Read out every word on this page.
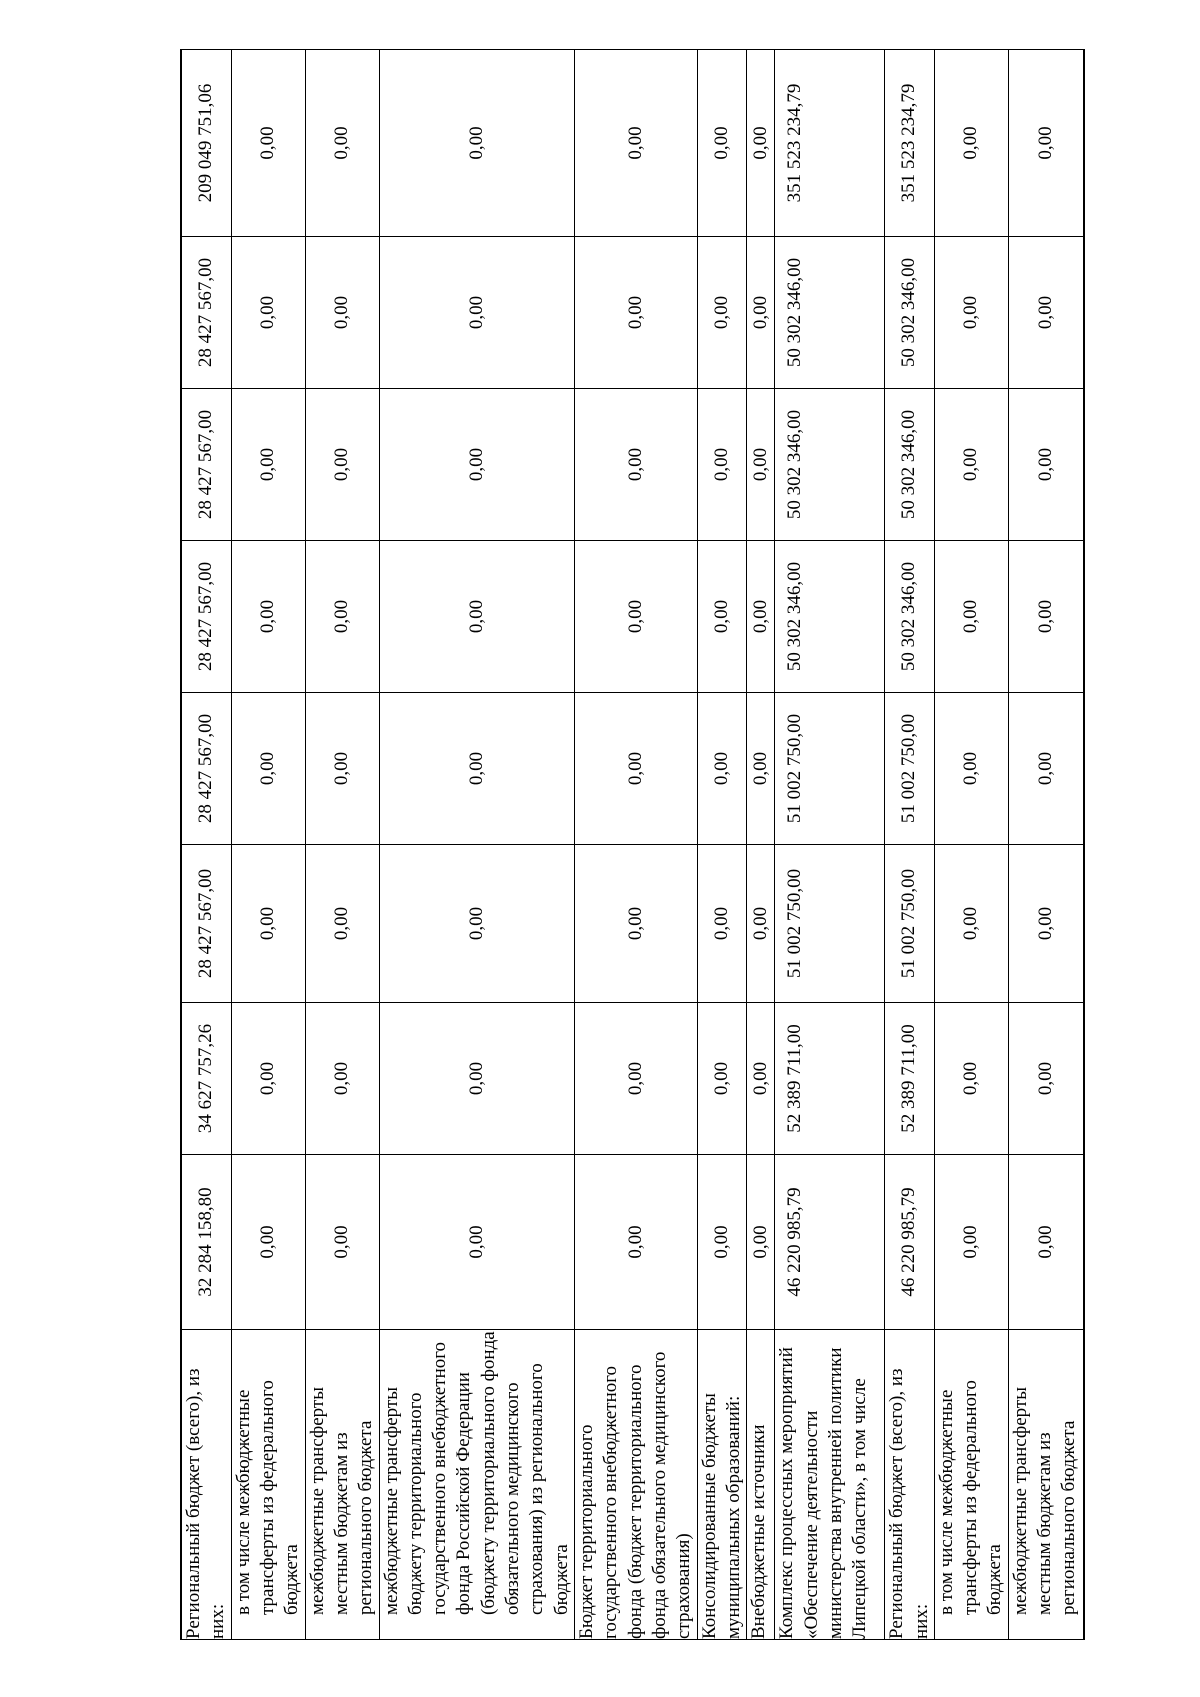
Региональный бюджет (всего), из них:	32 284 158,80	34 627 757,26	28 427 567,00	28 427 567,00	28 427 567,00	28 427 567,00	28 427 567,00	209 049 751,06
в том числе межбюджетные трансферты из федерального бюджета	0,00	0,00	0,00	0,00	0,00	0,00	0,00	0,00
межбюджетные трансферты местным бюджетам из регионального бюджета	0,00	0,00	0,00	0,00	0,00	0,00	0,00	0,00
межбюджетные трансферты бюджету территориального государственного внебюджетного фонда Российской Федерации (бюджету территориального фонда обязательного медицинского страхования) из регионального бюджета	0,00	0,00	0,00	0,00	0,00	0,00	0,00	0,00
Бюджет территориального государственного внебюджетного фонда (бюджет территориального фонда обязательного медицинского страхования)	0,00	0,00	0,00	0,00	0,00	0,00	0,00	0,00
Консолидированные бюджеты муниципальных образований:	0,00	0,00	0,00	0,00	0,00	0,00	0,00	0,00
Внебюджетные источники	0,00	0,00	0,00	0,00	0,00	0,00	0,00	0,00
Комплекс процессных мероприятий «Обеспечение деятельности министерства внутренней политики Липецкой области», в том числе	46 220 985,79	52 389 711,00	51 002 750,00	51 002 750,00	50 302 346,00	50 302 346,00	50 302 346,00	351 523 234,79
Региональный бюджет (всего), из них:	46 220 985,79	52 389 711,00	51 002 750,00	51 002 750,00	50 302 346,00	50 302 346,00	50 302 346,00	351 523 234,79
в том числе межбюджетные трансферты из федерального бюджета	0,00	0,00	0,00	0,00	0,00	0,00	0,00	0,00
межбюджетные трансферты местным бюджетам из регионального бюджета	0,00	0,00	0,00	0,00	0,00	0,00	0,00	0,00
